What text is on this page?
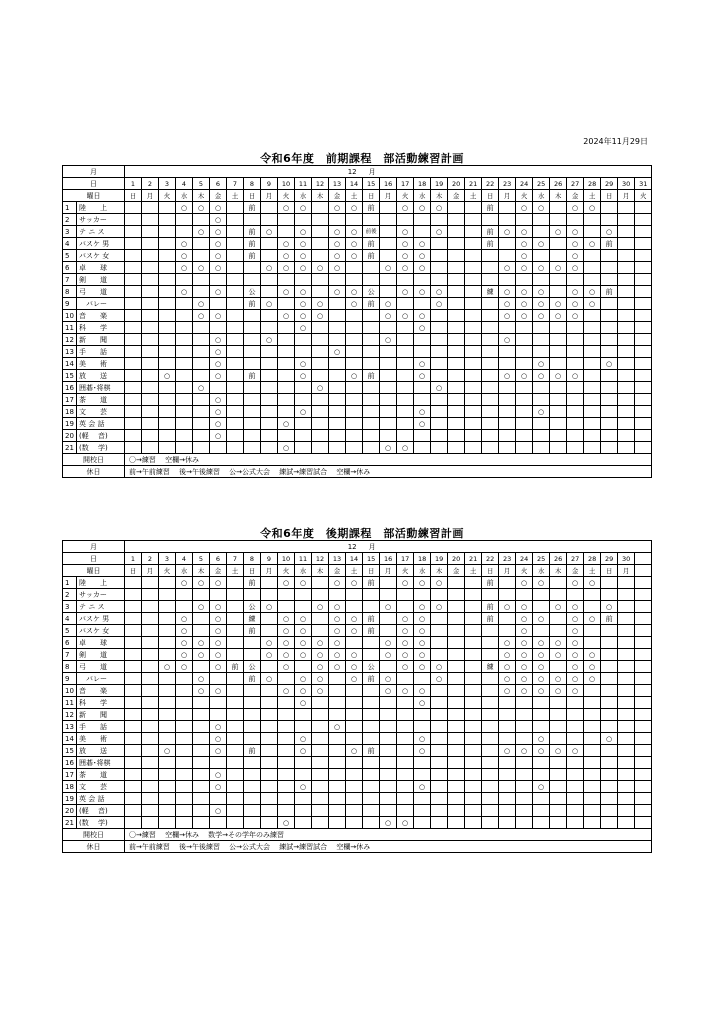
2024年11月29日
令和6年度　前期課程　部活動練習計画
月		12														月																
日		1	2	3	4	5	6	7	8	9	10	11	12	13	14	15	16	17	18	19	20	21	22	23	24	25	26	27	28	29	30	31
曜日		日	月	火	水	木	金	土	日	月	火	水	木	金	土	日	月	火	水	木	金	土	日	月	火	水	木	金	土	日	月	火
1	陸　　上				○	○	○		前		○	○		○	○	前		○	○	○			前		○	○		○	○			
2	サッカー						○																									
3	テ ニ ス					○	○		前	○		○		○	○	前後		○		○			前	○	○		○	○		○		
4	バスケ 男				○		○		前		○	○		○	○	前		○	○				前		○	○		○	○	前		
5	バスケ 女				○		○		前		○	○		○	○	前		○	○						○			○				
6	卓　　球				○	○	○			○	○	○	○	○			○	○	○					○	○	○	○	○				
7	剣　　道																															
8	弓　　道				○		○		公		○	○		○	○	公		○	○	○			練	○	○	○		○	○	前		
9	　バレー					○			前	○		○	○		○	前	○			○				○	○	○	○	○	○			
10	音　　楽					○	○				○	○	○				○	○	○					○	○	○	○	○				
11	科　　学											○							○													
12	新　　聞						○			○							○							○								
13	手　　話						○							○																		
14	美　　術						○					○							○							○				○		
15	放　　送			○			○		前			○			○	前			○					○	○	○	○	○				
16	囲碁･将棋					○							○							○												
17	茶　　道						○																									
18	文　　芸						○					○							○							○						
19	英 会 話						○				○								○													
20	(軽　 音)						○																									
21	(数　 学)										○						○	○														
開校日		〇→練習　 空欄→休み																														
休日		前→午前練習　 後→午後練習　 公→公式大会　 練試→練習試合　 空欄→休み																														
令和6年度　後期課程　部活動練習計画
月		12														月																
日		1	2	3	4	5	6	7	8	9	10	11	12	13	14	15	16	17	18	19	20	21	22	23	24	25	26	27	28	29	30	
曜日		日	月	火	水	木	金	土	日	月	火	水	木	金	土	日	月	火	水	木	金	土	日	月	火	水	木	金	土	日	月	
1	陸　　上				○	○	○		前		○	○		○	○	前		○	○	○			前		○	○		○	○			
2	サッカー																															
3	テ ニ ス					○	○		公	○			○	○			○		○	○			前	○	○		○	○		○		
4	バスケ 男				○		○		練		○	○		○	○	前		○	○				前		○	○		○	○	前		
5	バスケ 女				○		○		前		○	○		○	○	前		○	○						○			○				
6	卓　　球				○	○	○			○	○	○	○	○			○	○	○					○	○	○	○	○				
7	剣　　道				○	○	○			○	○	○	○	○	○		○	○	○					○	○	○	○	○	○			
8	弓　　道			○	○		○	前	公		○		○	○	○	公		○	○	○			練	○	○	○		○	○			
9	　バレー					○			前	○		○	○		○	前	○			○				○	○	○	○	○	○			
10	音　　楽					○	○				○	○	○				○	○	○					○	○	○	○	○				
11	科　　学											○							○													
12	新　　聞																															
13	手　　話						○							○																		
14	美　　術						○					○							○							○				○		
15	放　　送			○			○		前			○			○	前			○					○	○	○	○	○				
16	囲碁･将棋																															
17	茶　　道						○																									
18	文　　芸						○					○							○							○						
19	英 会 話																															
20	(軽　 音)						○																									
21	(数　 学)										○						○	○														
開校日		〇→練習　 空欄→休み　 数学→その学年のみ練習																														
休日		前→午前練習　 後→午後練習　 公→公式大会　 練試→練習試合　 空欄→休み																														
